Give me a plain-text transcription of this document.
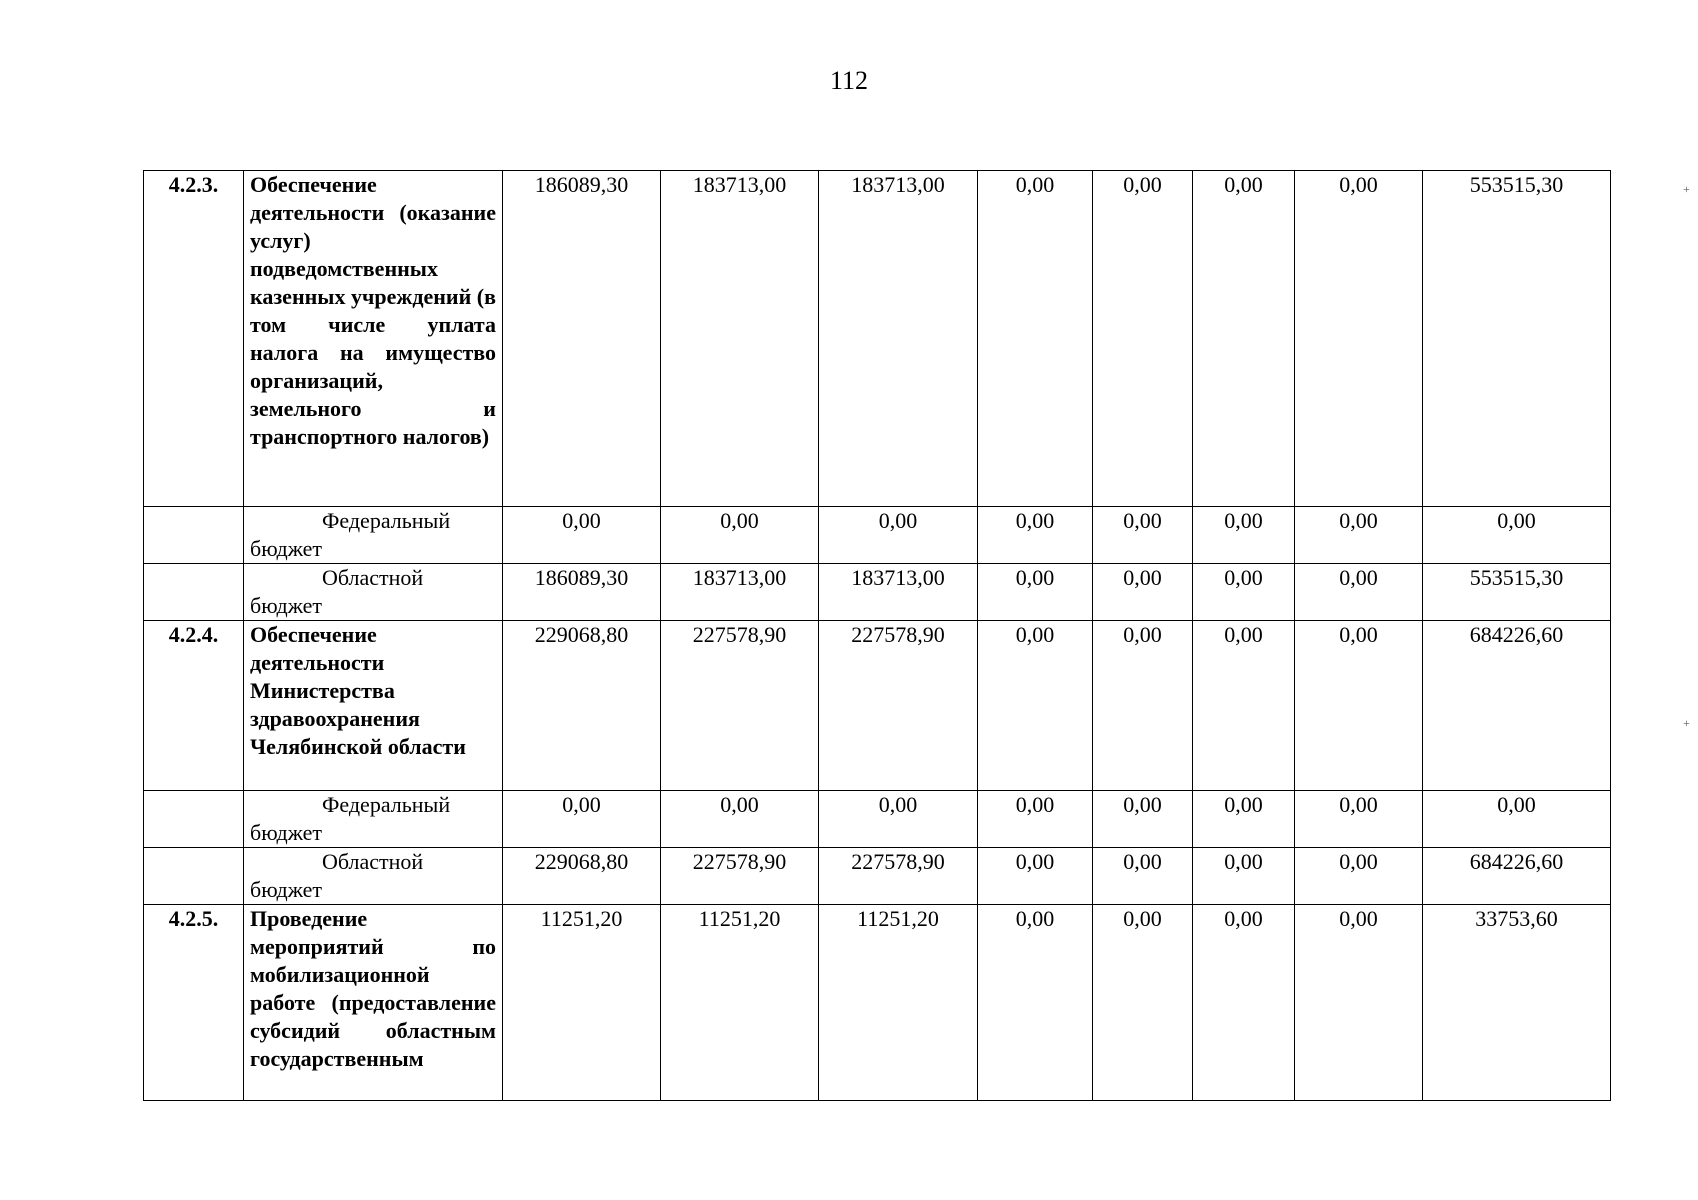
112
+
+
4.2.3.	Обеспечение деятельности (оказание услуг) подведомственных казенных учреждений (в том числе уплата налога на имущество организаций, земельного и транспортного налогов)	186089,30	183713,00	183713,00	0,00	0,00	0,00	0,00	553515,30

	Федеральный
бюджет	0,00	0,00	0,00	0,00	0,00	0,00	0,00	0,00

	Областной
бюджет	186089,30	183713,00	183713,00	0,00	0,00	0,00	0,00	553515,30
4.2.4.	Обеспечение деятельности Министерства здравоохранения Челябинской области	229068,80	227578,90	227578,90	0,00	0,00	0,00	0,00	684226,60

	Федеральный
бюджет	0,00	0,00	0,00	0,00	0,00	0,00	0,00	0,00

	Областной
бюджет	229068,80	227578,90	227578,90	0,00	0,00	0,00	0,00	684226,60
4.2.5.	Проведение мероприятий по мобилизационной работе (предоставление субсидий областным государственным	11251,20	11251,20	11251,20	0,00	0,00	0,00	0,00	33753,60
